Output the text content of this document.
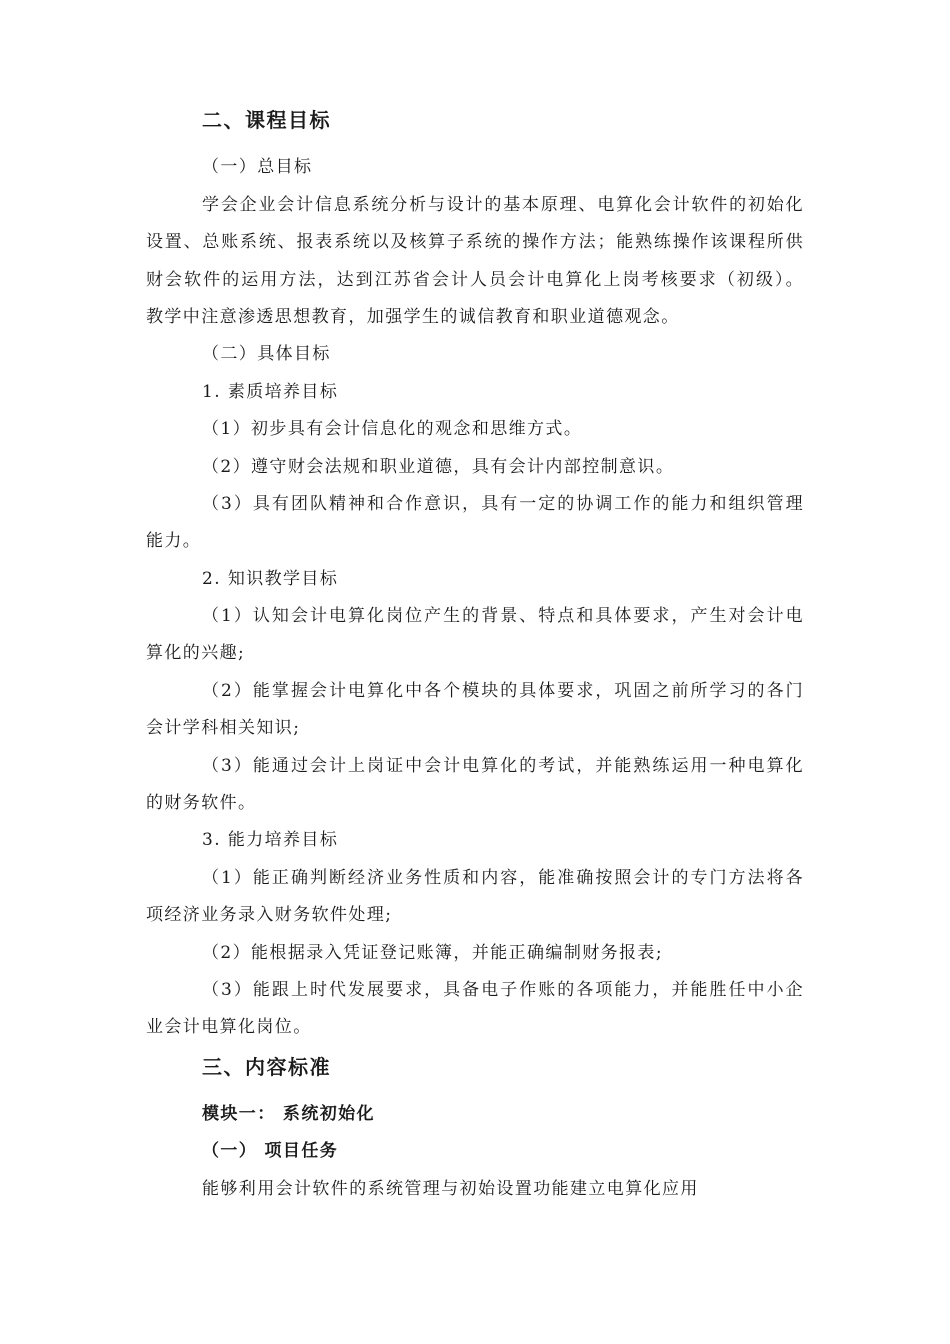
二、课程目标
（一）总目标
学会企业会计信息系统分析与设计的基本原理、电算化会计软件的初始化
设置、总账系统、报表系统以及核算子系统的操作方法；能熟练操作该课程所供
财会软件的运用方法，达到江苏省会计人员会计电算化上岗考核要求（初级）。
教学中注意渗透思想教育，加强学生的诚信教育和职业道德观念。
（二）具体目标
1. 素质培养目标
（1）初步具有会计信息化的观念和思维方式。
（2）遵守财会法规和职业道德，具有会计内部控制意识。
（3）具有团队精神和合作意识，具有一定的协调工作的能力和组织管理
能力。
2. 知识教学目标
（1）认知会计电算化岗位产生的背景、特点和具体要求，产生对会计电
算化的兴趣;
（2）能掌握会计电算化中各个模块的具体要求，巩固之前所学习的各门
会计学科相关知识;
（3）能通过会计上岗证中会计电算化的考试，并能熟练运用一种电算化
的财务软件。
3. 能力培养目标
（1）能正确判断经济业务性质和内容，能准确按照会计的专门方法将各
项经济业务录入财务软件处理;
（2）能根据录入凭证登记账簿，并能正确编制财务报表;
（3）能跟上时代发展要求，具备电子作账的各项能力，并能胜任中小企
业会计电算化岗位。
三、内容标准
模块一： 系统初始化
（一） 项目任务
能够利用会计软件的系统管理与初始设置功能建立电算化应用
